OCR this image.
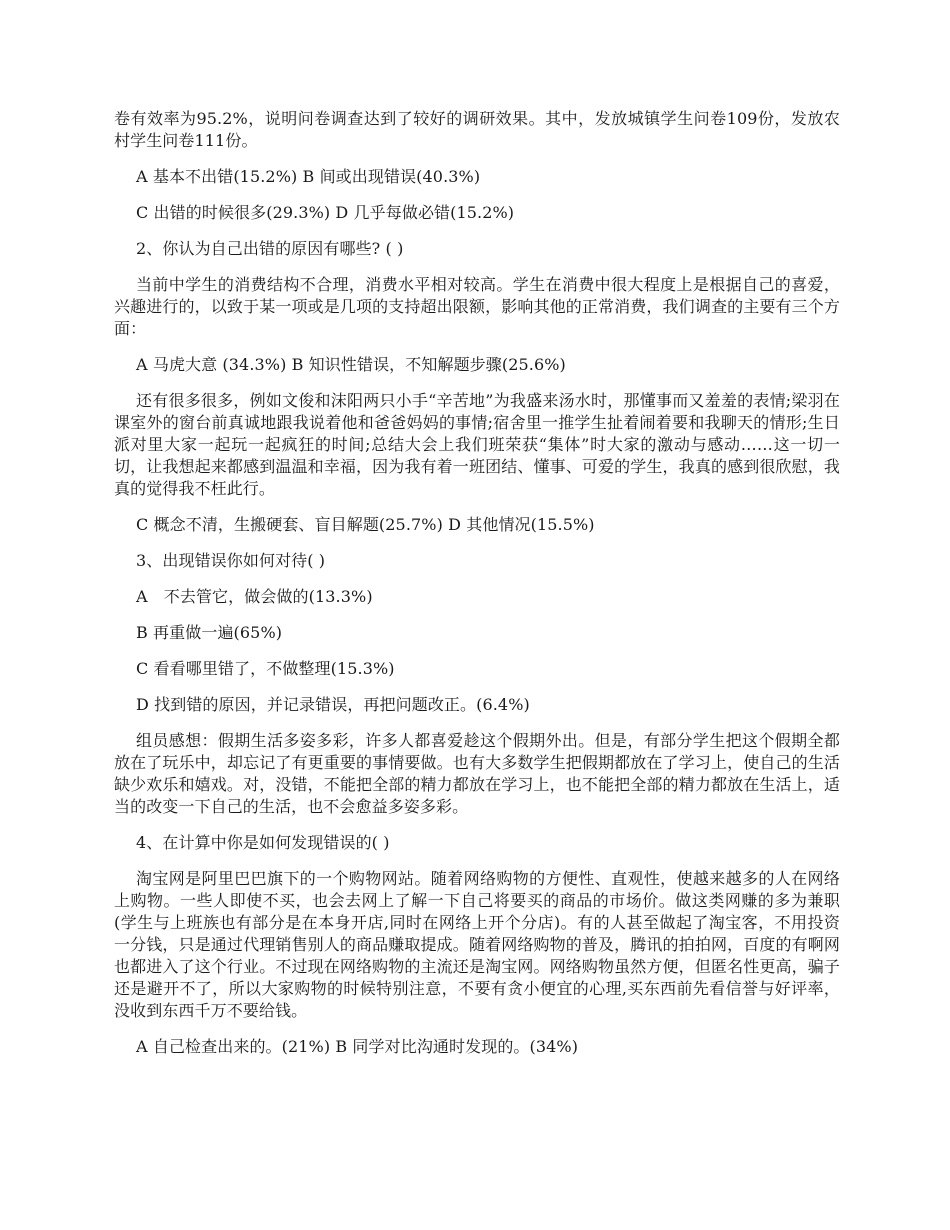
卷有效率为95.2%，说明问卷调查达到了较好的调研效果。其中，发放城镇学生问卷109份，发放农村学生问卷111份。

A 基本不出错(15.2%) B 间或出现错误(40.3%)

C 出错的时候很多(29.3%) D 几乎每做必错(15.2%)

2、你认为自己出错的原因有哪些? ( )

当前中学生的消费结构不合理，消费水平相对较高。学生在消费中很大程度上是根据自己的喜爱，兴趣进行的，以致于某一项或是几项的支持超出限额，影响其他的正常消费，我们调查的主要有三个方面：

A 马虎大意 (34.3%) B 知识性错误，不知解题步骤(25.6%)

还有很多很多，例如文俊和沫阳两只小手“辛苦地”为我盛来汤水时，那懂事而又羞羞的表情;梁羽在课室外的窗台前真诚地跟我说着他和爸爸妈妈的事情;宿舍里一推学生扯着闹着要和我聊天的情形;生日派对里大家一起玩一起疯狂的时间;总结大会上我们班荣获“集体”时大家的激动与感动……这一切一切，让我想起来都感到温温和幸福，因为我有着一班团结、懂事、可爱的学生，我真的感到很欣慰，我真的觉得我不枉此行。

C 概念不清，生搬硬套、盲目解题(25.7%) D 其他情况(15.5%)

3、出现错误你如何对待( )

A　不去管它，做会做的(13.3%)

B 再重做一遍(65%)

C 看看哪里错了，不做整理(15.3%)

D 找到错的原因，并记录错误，再把问题改正。(6.4%)

组员感想：假期生活多姿多彩，许多人都喜爱趁这个假期外出。但是，有部分学生把这个假期全都放在了玩乐中，却忘记了有更重要的事情要做。也有大多数学生把假期都放在了学习上，使自己的生活缺少欢乐和嬉戏。对，没错，不能把全部的精力都放在学习上，也不能把全部的精力都放在生活上，适当的改变一下自己的生活，也不会愈益多姿多彩。

4、在计算中你是如何发现错误的( )

淘宝网是阿里巴巴旗下的一个购物网站。随着网络购物的方便性、直观性，使越来越多的人在网络上购物。一些人即使不买，也会去网上了解一下自己将要买的商品的市场价。做这类网赚的多为兼职(学生与上班族也有部分是在本身开店,同时在网络上开个分店)。有的人甚至做起了淘宝客，不用投资一分钱，只是通过代理销售别人的商品赚取提成。随着网络购物的普及，腾讯的拍拍网，百度的有啊网也都进入了这个行业。不过现在网络购物的主流还是淘宝网。网络购物虽然方便，但匿名性更高，骗子还是避开不了，所以大家购物的时候特别注意，不要有贪小便宜的心理,买东西前先看信誉与好评率，没收到东西千万不要给钱。

A 自己检查出来的。(21%) B 同学对比沟通时发现的。(34%)
